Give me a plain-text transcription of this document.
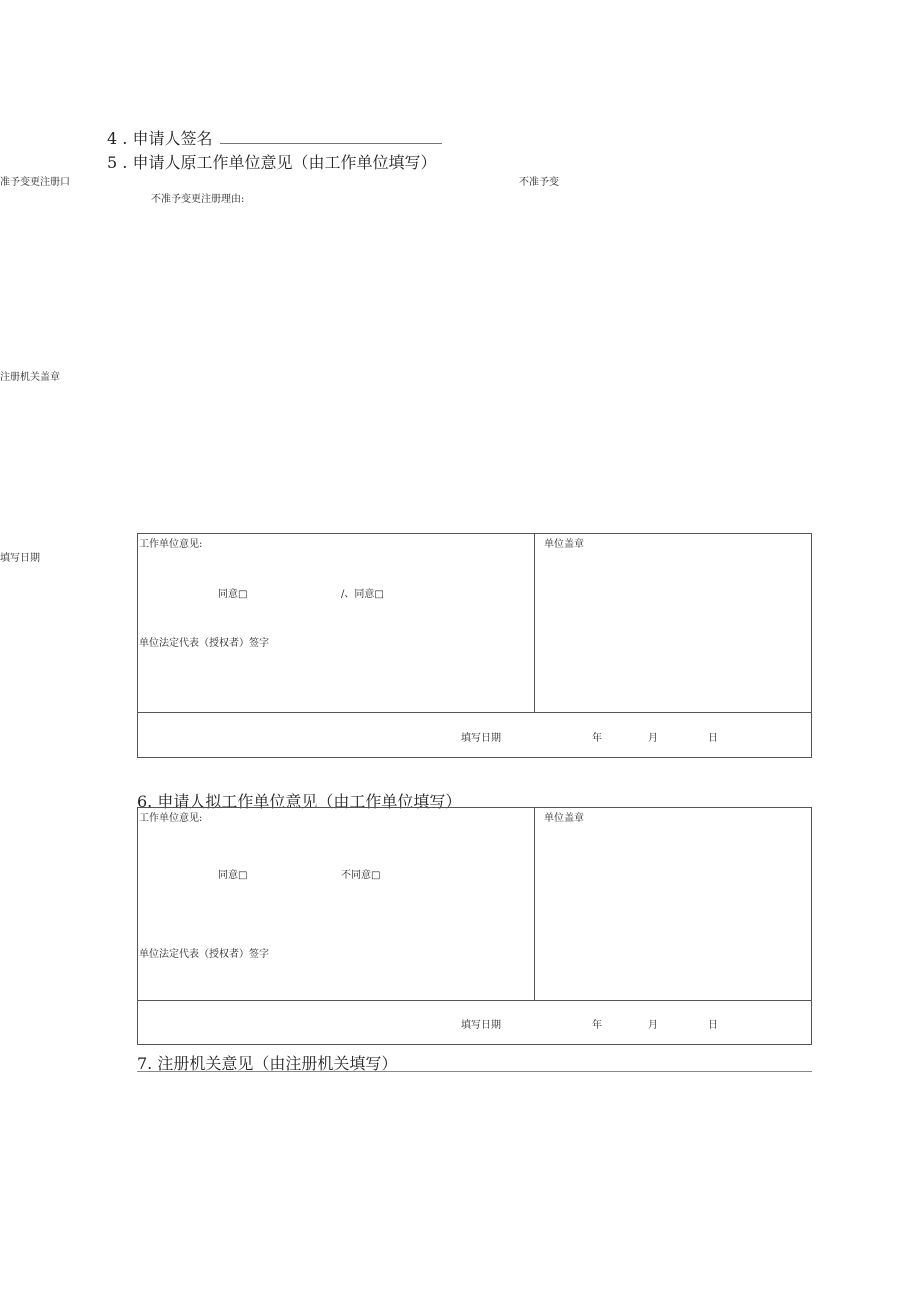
4 . 申请人签名
5 . 申请人原工作单位意见（由工作单位填写）
准予变更注册口	不准予变
不准予变更注册理由:
注册机关盖章
填写日期
工作单位意见:	单位盖章
同意□	/、同意□
单位法定代表（授权者）签字
填写日期	年	月	日
6. 申请人拟工作单位意见（由工作单位填写）
工作单位意见:	单位盖章
同意□	不同意□
单位法定代表（授权者）签字
填写日期	年	月	日
7. 注册机关意见（由注册机关填写）
